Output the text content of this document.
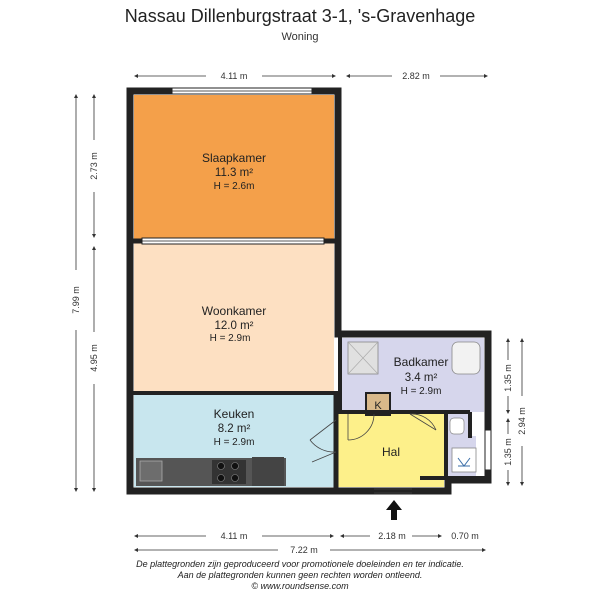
Nassau Dillenburgstraat 3-1, 's-Gravenhage
Woning
Slaapkamer
11.3 m²
H = 2.6m
Woonkamer
12.0 m²
H = 2.9m
Keuken
8.2 m²
H = 2.9m
Badkamer
3.4 m²
H = 2.9m
Hal
K
4.11 m	2.82 m
7.99 m
2.73 m
4.95 m
1.35 m
1.35 m
2.94 m
4.11 m	2.18 m	0.70 m
7.22 m
De plattegronden zijn geproduceerd voor promotionele doeleinden en ter indicatie.
Aan de plattegronden kunnen geen rechten worden ontleend.
© www.roundsense.com
